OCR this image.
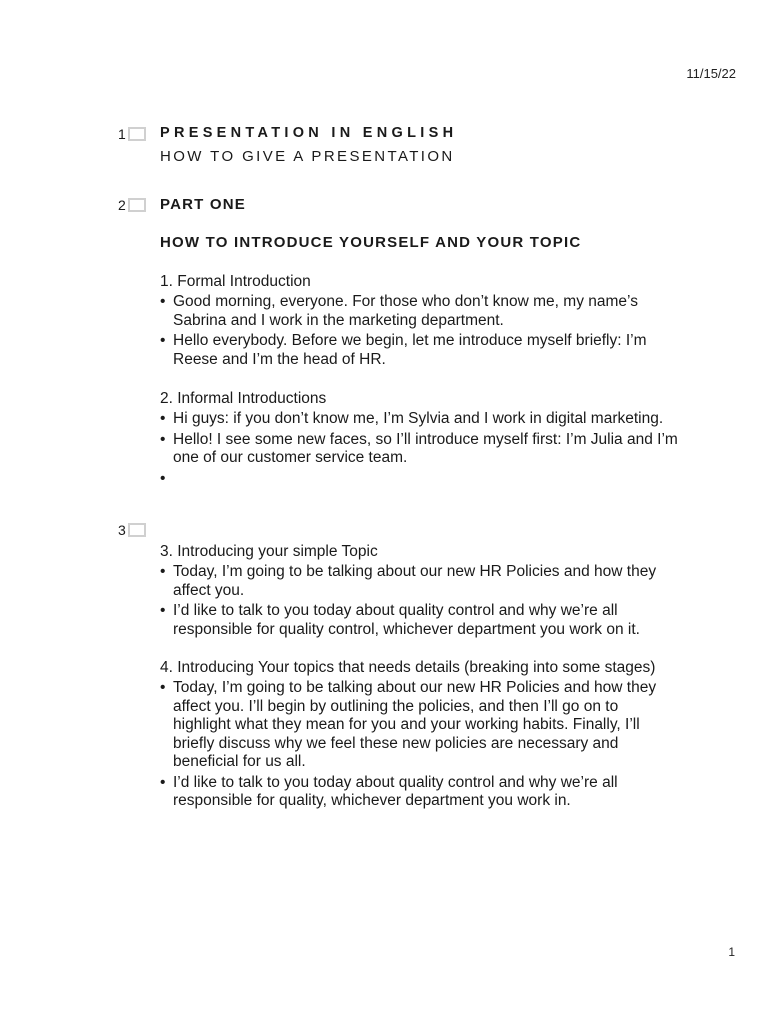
11/15/22
1 PRESENTATION IN ENGLISH
HOW TO GIVE A PRESENTATION
2 PART ONE
HOW TO INTRODUCE YOURSELF AND YOUR TOPIC
1. Formal Introduction
• Good morning, everyone. For those who don’t know me, my name’s Sabrina and I work in the marketing department.
• Hello everybody. Before we begin, let me introduce myself briefly: I’m Reese and I’m the head of HR.
2. Informal Introductions
• Hi guys: if you don’t know me, I’m Sylvia and I work in digital marketing.
• Hello! I see some new faces, so I’ll introduce myself first: I’m Julia and I’m one of our customer service team.
3
3. Introducing your simple Topic
• Today, I’m going to be talking about our new HR Policies and how they affect you.
• I’d like to talk to you today about quality control and why we’re all responsible for quality control, whichever department you work on it.
4. Introducing Your topics that needs details (breaking into some stages)
• Today, I’m going to be talking about our new HR Policies and how they affect you. I’ll begin by outlining the policies, and then I’ll go on to highlight what they mean for you and your working habits. Finally, I’ll briefly discuss why we feel these new policies are necessary and beneficial for us all.
• I’d like to talk to you today about quality control and why we’re all responsible for quality, whichever department you work in.
1
